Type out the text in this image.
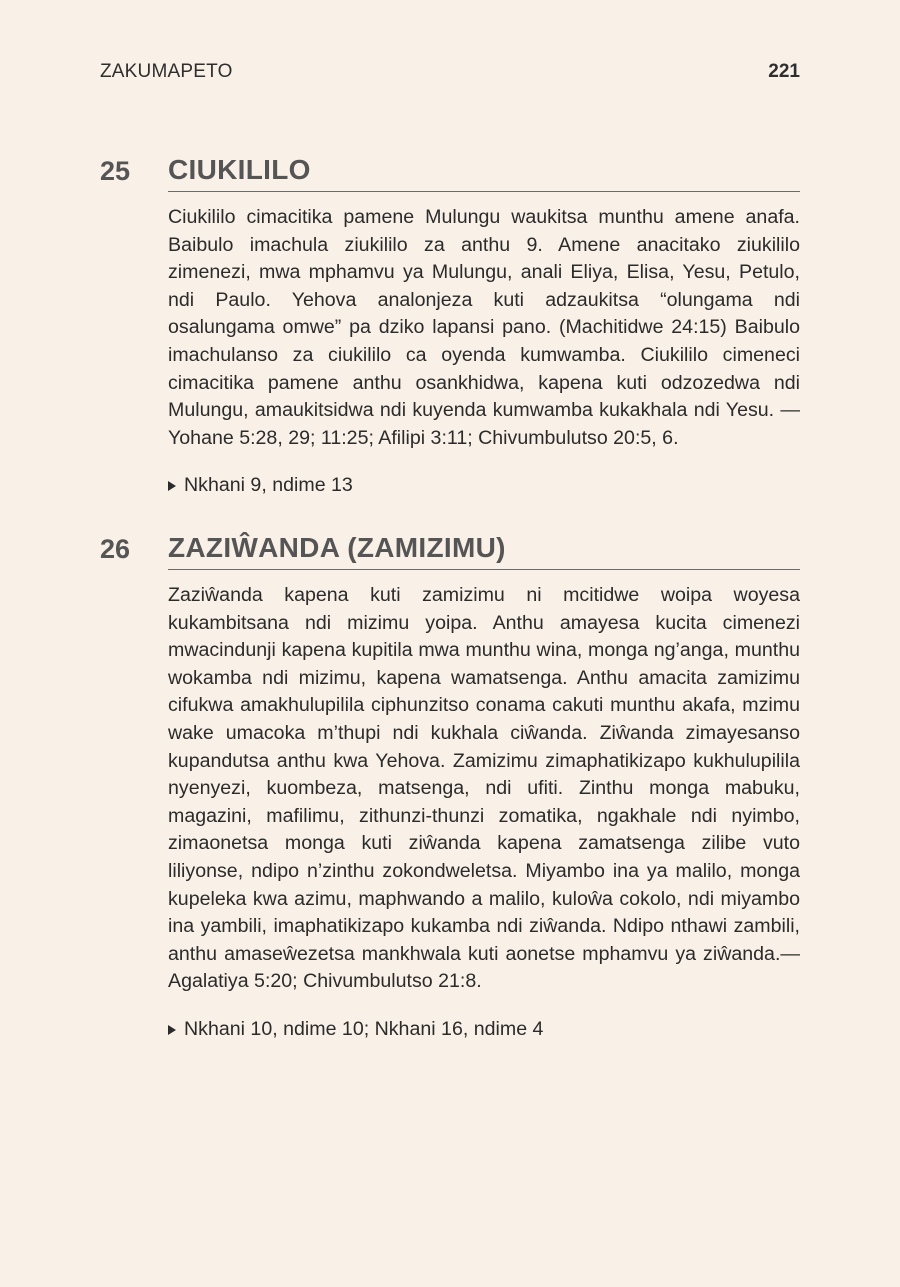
ZAKUMAPETO	221
25	CIUKILILO

Ciukililo cimacitika pamene Mulungu waukitsa munthu amene anafa. Baibulo imachula ziukililo za anthu 9. Amene anacitako ziukililo zimenezi, mwa mphamvu ya Mulungu, anali Eliya, Elisa, Yesu, Petulo, ndi Paulo. Yehova analonjeza kuti adzaukitsa “olungama ndi osalungama omwe” pa dziko lapansi pano. (Machitidwe 24:15) Baibulo imachulanso za ciukililo ca oyenda kumwamba. Ciukililo cimeneci cimacitika pamene anthu osankhidwa, kapena kuti odzozedwa ndi Mulungu, amaukitsidwa ndi kuyenda kumwamba kukakhala ndi Yesu. —Yohane 5:28, 29; 11:25; Afilipi 3:11; Chivumbulutso 20:5, 6.

Nkhani 9, ndime 13
26	ZAZIŴANDA (ZAMIZIMU)

Zaziŵanda kapena kuti zamizimu ni mcitidwe woipa woyesa kukambitsana ndi mizimu yoipa. Anthu amayesa kucita cimenezi mwacindunji kapena kupitila mwa munthu wina, monga ng’anga, munthu wokamba ndi mizimu, kapena wamatsenga. Anthu amacita zamizimu cifukwa amakhulupilila ciphunzitso conama cakuti munthu akafa, mzimu wake umacoka m’thupi ndi kukhala ciŵanda. Ziŵanda zimayesanso kupandutsa anthu kwa Yehova. Zamizimu zimaphatikizapo kukhulupilila nyenyezi, kuombeza, matsenga, ndi ufiti. Zinthu monga mabuku, magazini, mafilimu, zithunzi-thunzi zomatika, ngakhale ndi nyimbo, zimaonetsa monga kuti ziŵanda kapena zamatsenga zilibe vuto liliyonse, ndipo n’zinthu zokondweletsa. Miyambo ina ya malilo, monga kupeleka kwa azimu, maphwando a malilo, kuloŵa cokolo, ndi miyambo ina yambili, imaphatikizapo kukamba ndi ziŵanda. Ndipo nthawi zambili, anthu amaseŵezetsa mankhwala kuti aonetse mphamvu ya ziŵanda.—Agalatiya 5:20; Chivumbulutso 21:8.

Nkhani 10, ndime 10; Nkhani 16, ndime 4
